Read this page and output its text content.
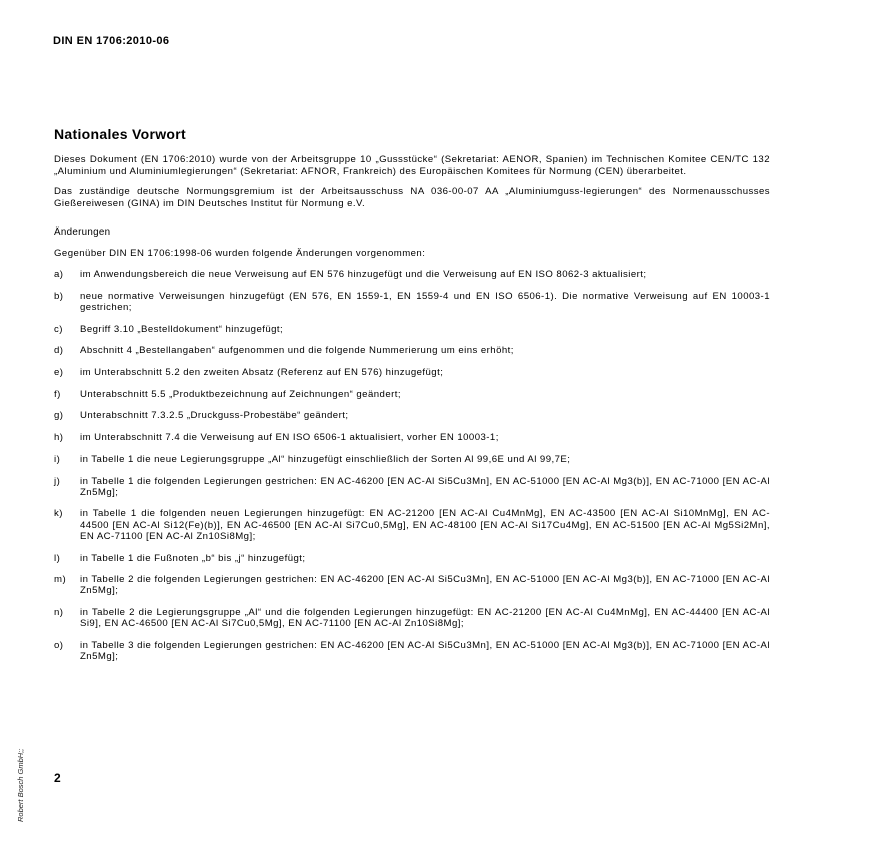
DIN EN 1706:2010-06
Nationales Vorwort

Dieses Dokument (EN 1706:2010) wurde von der Arbeitsgruppe 10 „Gussstücke“ (Sekretariat: AENOR, Spanien) im Technischen Komitee CEN/TC 132 „Aluminium und Aluminiumlegierungen“ (Sekretariat: AFNOR, Frankreich) des Europäischen Komitees für Normung (CEN) überarbeitet.

Das zuständige deutsche Normungsgremium ist der Arbeitsausschuss NA 036-00-07 AA „Aluminiumguss-legierungen“ des Normenausschusses Gießereiwesen (GINA) im DIN Deutsches Institut für Normung e.V.

Änderungen

Gegenüber DIN EN 1706:1998-06 wurden folgende Änderungen vorgenommen:

a)	im Anwendungsbereich die neue Verweisung auf EN 576 hinzugefügt und die Verweisung auf EN ISO 8062-3 aktualisiert;
b)	neue normative Verweisungen hinzugefügt (EN 576, EN 1559-1, EN 1559-4 und EN ISO 6506-1). Die normative Verweisung auf EN 10003-1 gestrichen;
c)	Begriff 3.10 „Bestelldokument“ hinzugefügt;
d)	Abschnitt 4 „Bestellangaben“ aufgenommen und die folgende Nummerierung um eins erhöht;
e)	im Unterabschnitt 5.2 den zweiten Absatz (Referenz auf EN 576) hinzugefügt;
f)	Unterabschnitt 5.5 „Produktbezeichnung auf Zeichnungen“ geändert;
g)	Unterabschnitt 7.3.2.5 „Druckguss-Probestäbe“ geändert;
h)	im Unterabschnitt 7.4 die Verweisung auf EN ISO 6506-1 aktualisiert, vorher EN 10003-1;
i)	in Tabelle 1 die neue Legierungsgruppe „Al“ hinzugefügt einschließlich der Sorten Al 99,6E und Al 99,7E;
j)	in Tabelle 1 die folgenden Legierungen gestrichen: EN AC-46200 [EN AC-Al Si5Cu3Mn], EN AC-51000 [EN AC-Al Mg3(b)], EN AC-71000 [EN AC-Al Zn5Mg];
k)	in Tabelle 1 die folgenden neuen Legierungen hinzugefügt: EN AC-21200 [EN AC-Al Cu4MnMg], EN AC-43500 [EN AC-Al Si10MnMg], EN AC-44500 [EN AC-Al Si12(Fe)(b)], EN AC-46500 [EN AC-Al Si7Cu0,5Mg], EN AC-48100 [EN AC-Al Si17Cu4Mg], EN AC-51500 [EN AC-Al Mg5Si2Mn], EN AC-71100 [EN AC-Al Zn10Si8Mg];
l)	in Tabelle 1 die Fußnoten „b“ bis „j“ hinzugefügt;
m)	in Tabelle 2 die folgenden Legierungen gestrichen: EN AC-46200 [EN AC-Al Si5Cu3Mn], EN AC-51000 [EN AC-Al Mg3(b)], EN AC-71000 [EN AC-Al Zn5Mg];
n)	in Tabelle 2 die Legierungsgruppe „Al“ und die folgenden Legierungen hinzugefügt: EN AC-21200 [EN AC-Al Cu4MnMg], EN AC-44400 [EN AC-Al Si9], EN AC-46500 [EN AC-Al Si7Cu0,5Mg], EN AC-71100 [EN AC-Al Zn10Si8Mg];
o)	in Tabelle 3 die folgenden Legierungen gestrichen: EN AC-46200 [EN AC-Al Si5Cu3Mn], EN AC-51000 [EN AC-Al Mg3(b)], EN AC-71000 [EN AC-Al Zn5Mg];
2
Robert Bosch GmbH;;
